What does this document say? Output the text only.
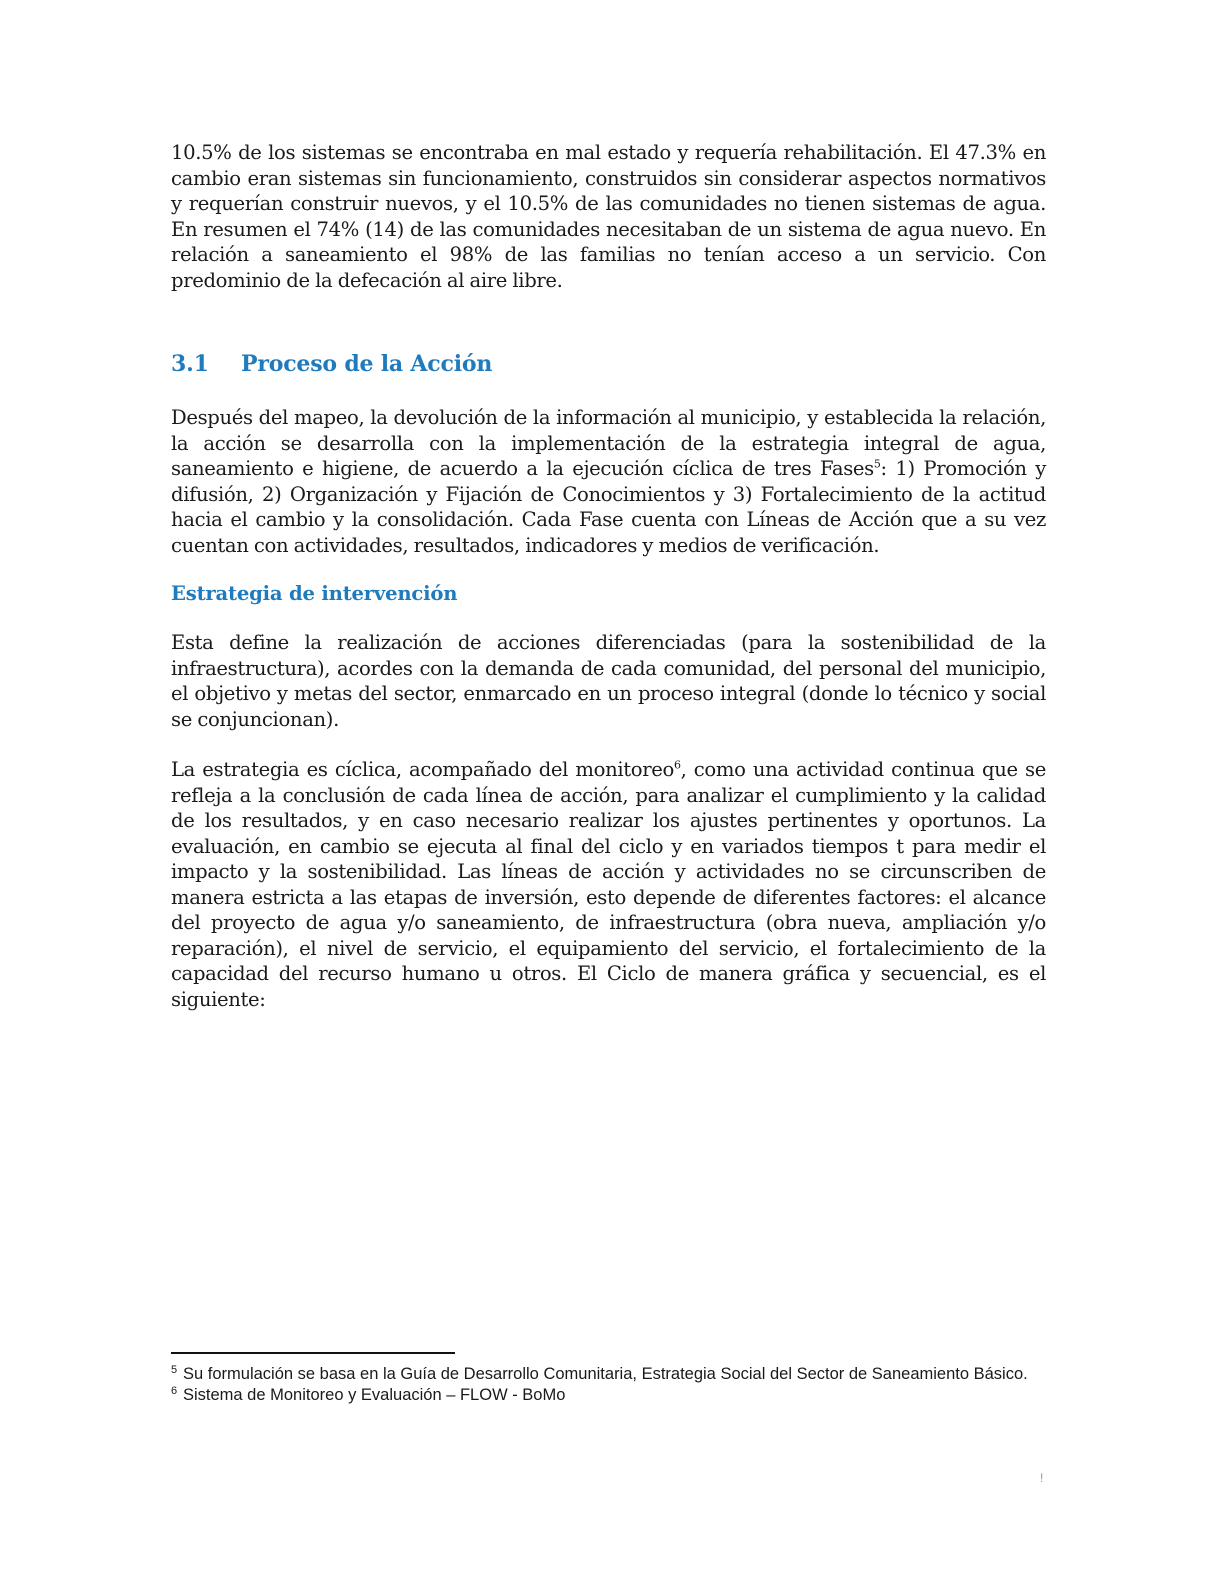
10.5% de los sistemas se encontraba en mal estado y requería rehabilitación. El 47.3% en cambio eran sistemas sin funcionamiento, construidos sin considerar aspectos normativos y requerían construir nuevos, y el 10.5% de las comunidades no tienen sistemas de agua. En resumen el 74% (14) de las comunidades necesitaban de un sistema de agua nuevo. En relación a saneamiento el 98% de las familias no tenían acceso a un servicio. Con predominio de la defecación al aire libre.

3.1 Proceso de la Acción

Después del mapeo, la devolución de la información al municipio, y establecida la relación, la acción se desarrolla con la implementación de la estrategia integral de agua, saneamiento e higiene, de acuerdo a la ejecución cíclica de tres Fases$^5$: 1) Promoción y difusión, 2) Organización y Fijación de Conocimientos y 3) Fortalecimiento de la actitud hacia el cambio y la consolidación. Cada Fase cuenta con Líneas de Acción que a su vez cuentan con actividades, resultados, indicadores y medios de verificación.

Estrategia de intervención

Esta define la realización de acciones diferenciadas (para la sostenibilidad de la infraestructura), acordes con la demanda de cada comunidad, del personal del municipio, el objetivo y metas del sector, enmarcado en un proceso integral (donde lo técnico y social se conjuncionan).

La estrategia es cíclica, acompañado del monitoreo$^6$, como una actividad continua que se refleja a la conclusión de cada línea de acción, para analizar el cumplimiento y la calidad de los resultados, y en caso necesario realizar los ajustes pertinentes y oportunos. La evaluación, en cambio se ejecuta al final del ciclo y en variados tiempos t para medir el impacto y la sostenibilidad. Las líneas de acción y actividades no se circunscriben de manera estricta a las etapas de inversión, esto depende de diferentes factores: el alcance del proyecto de agua y/o saneamiento, de infraestructura (obra nueva, ampliación y/o reparación), el nivel de servicio, el equipamiento del servicio, el fortalecimiento de la capacidad del recurso humano u otros. El Ciclo de manera gráfica y secuencial, es el siguiente:

5 Su formulación se basa en la Guía de Desarrollo Comunitaria, Estrategia Social del Sector de Saneamiento Básico.
6 Sistema de Monitoreo y Evaluación – FLOW - BoMo
!
